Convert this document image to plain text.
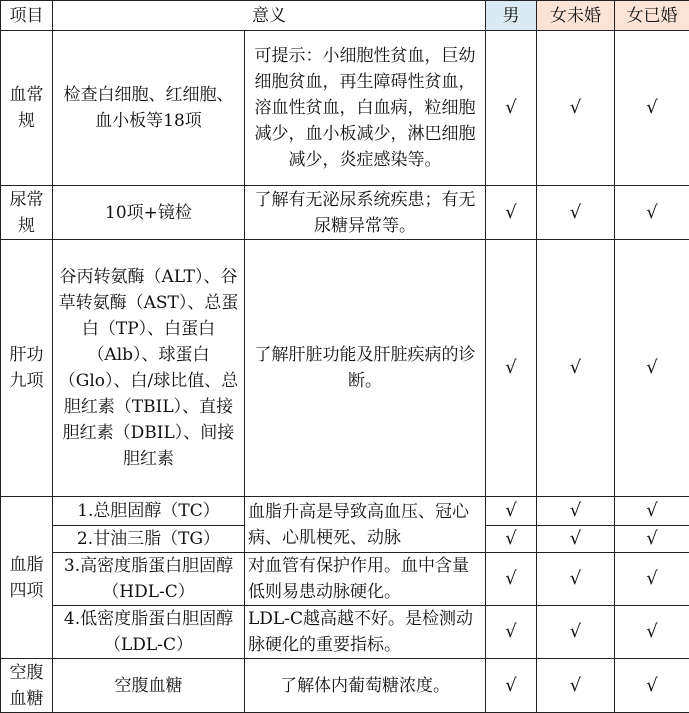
项目	意义		男	女未婚	女已婚
血常规	检查白细胞、红细胞、血小板等18项	可提示：小细胞性贫血，巨幼细胞贫血，再生障碍性贫血，溶血性贫血，白血病，粒细胞减少，血小板减少，淋巴细胞减少，炎症感染等。	√	√	√
尿常规	10项+镜检	了解有无泌尿系统疾患；有无尿糖异常等。	√	√	√
肝功九项	谷丙转氨酶（ALT）、谷草转氨酶（AST）、总蛋白（TP）、白蛋白（Alb）、球蛋白（Glo）、白/球比值、总胆红素（TBIL）、直接胆红素（DBIL）、间接胆红素	了解肝脏功能及肝脏疾病的诊断。	√	√	√
血脂四项	1.总胆固醇（TC）	血脂升高是导致高血压、冠心病、心肌梗死、动脉	√	√	√
	2.甘油三脂（TG）		√	√	√
	3.高密度脂蛋白胆固醇（HDL-C）	对血管有保护作用。血中含量低则易患动脉硬化。	√	√	√
	4.低密度脂蛋白胆固醇（LDL-C）	LDL-C越高越不好。是检测动脉硬化的重要指标。	√	√	√
空腹血糖	空腹血糖	了解体内葡萄糖浓度。	√	√	√
